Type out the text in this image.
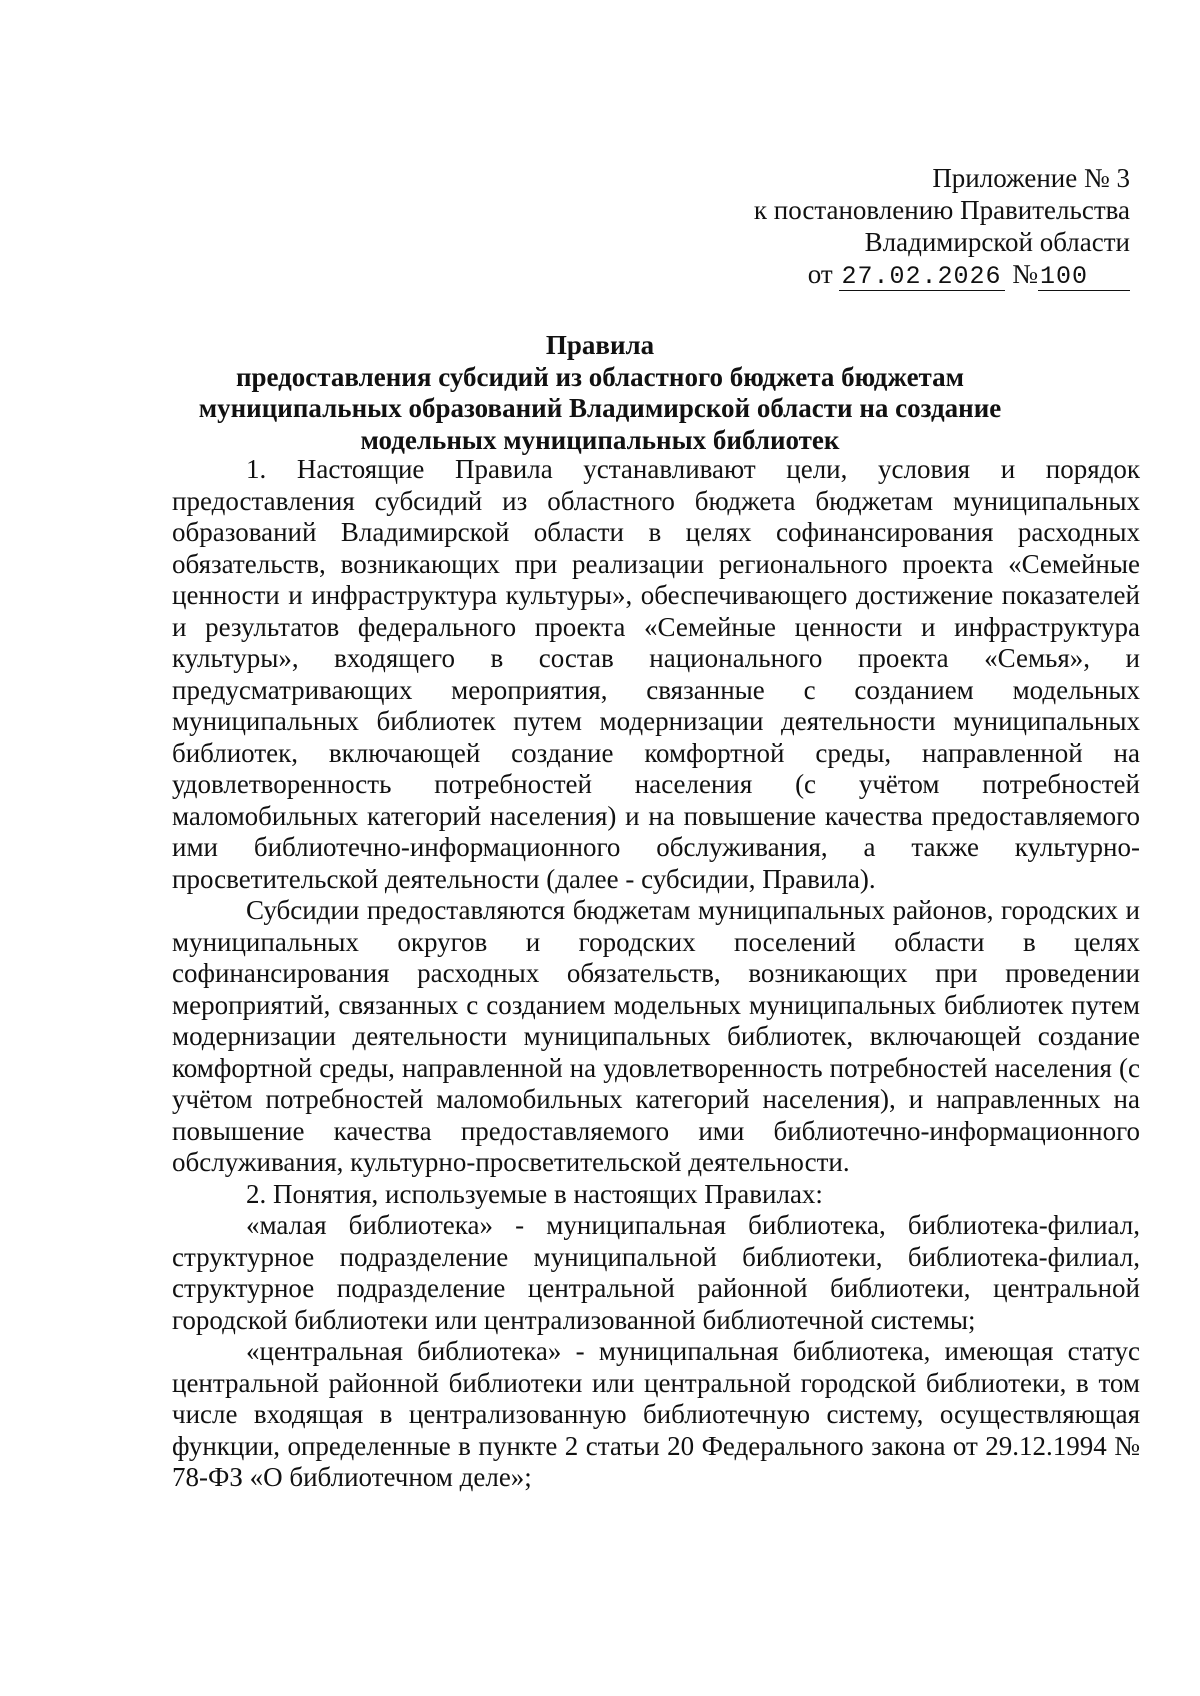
Приложение № 3
к постановлению Правительства
Владимирской области
от 27.02.2026 №100
Правила
предоставления субсидий из областного бюджета бюджетам
муниципальных образований Владимирской области на создание
модельных муниципальных библиотек

1. Настоящие Правила устанавливают цели, условия и порядок предоставления субсидий из областного бюджета бюджетам муниципальных образований Владимирской области в целях софинансирования расходных обязательств, возникающих при реализации регионального проекта «Семейные ценности и инфраструктура культуры», обеспечивающего достижение показателей и результатов федерального проекта «Семейные ценности и инфраструктура культуры», входящего в состав национального проекта «Семья», и предусматривающих мероприятия, связанные с созданием модельных муниципальных библиотек путем модернизации деятельности муниципальных библиотек, включающей создание комфортной среды, направленной на удовлетворенность потребностей населения (с учётом потребностей маломобильных категорий населения) и на повышение качества предоставляемого ими библиотечно-информационного обслуживания, а также культурно-просветительской деятельности (далее - субсидии, Правила).

Субсидии предоставляются бюджетам муниципальных районов, городских и муниципальных округов и городских поселений области в целях софинансирования расходных обязательств, возникающих при проведении мероприятий, связанных с созданием модельных муниципальных библиотек путем модернизации деятельности муниципальных библиотек, включающей создание комфортной среды, направленной на удовлетворенность потребностей населения (с учётом потребностей маломобильных категорий населения), и направленных на повышение качества предоставляемого ими библиотечно-информационного обслуживания, культурно-просветительской деятельности.

2. Понятия, используемые в настоящих Правилах:

«малая библиотека» - муниципальная библиотека, библиотека-филиал, структурное подразделение муниципальной библиотеки, библиотека-филиал, структурное подразделение центральной районной библиотеки, центральной городской библиотеки или централизованной библиотечной системы;

«центральная библиотека» - муниципальная библиотека, имеющая статус центральной районной библиотеки или центральной городской библиотеки, в том числе входящая в централизованную библиотечную систему, осуществляющая функции, определенные в пункте 2 статьи 20 Федерального закона от 29.12.1994 № 78-ФЗ «О библиотечном деле»;
